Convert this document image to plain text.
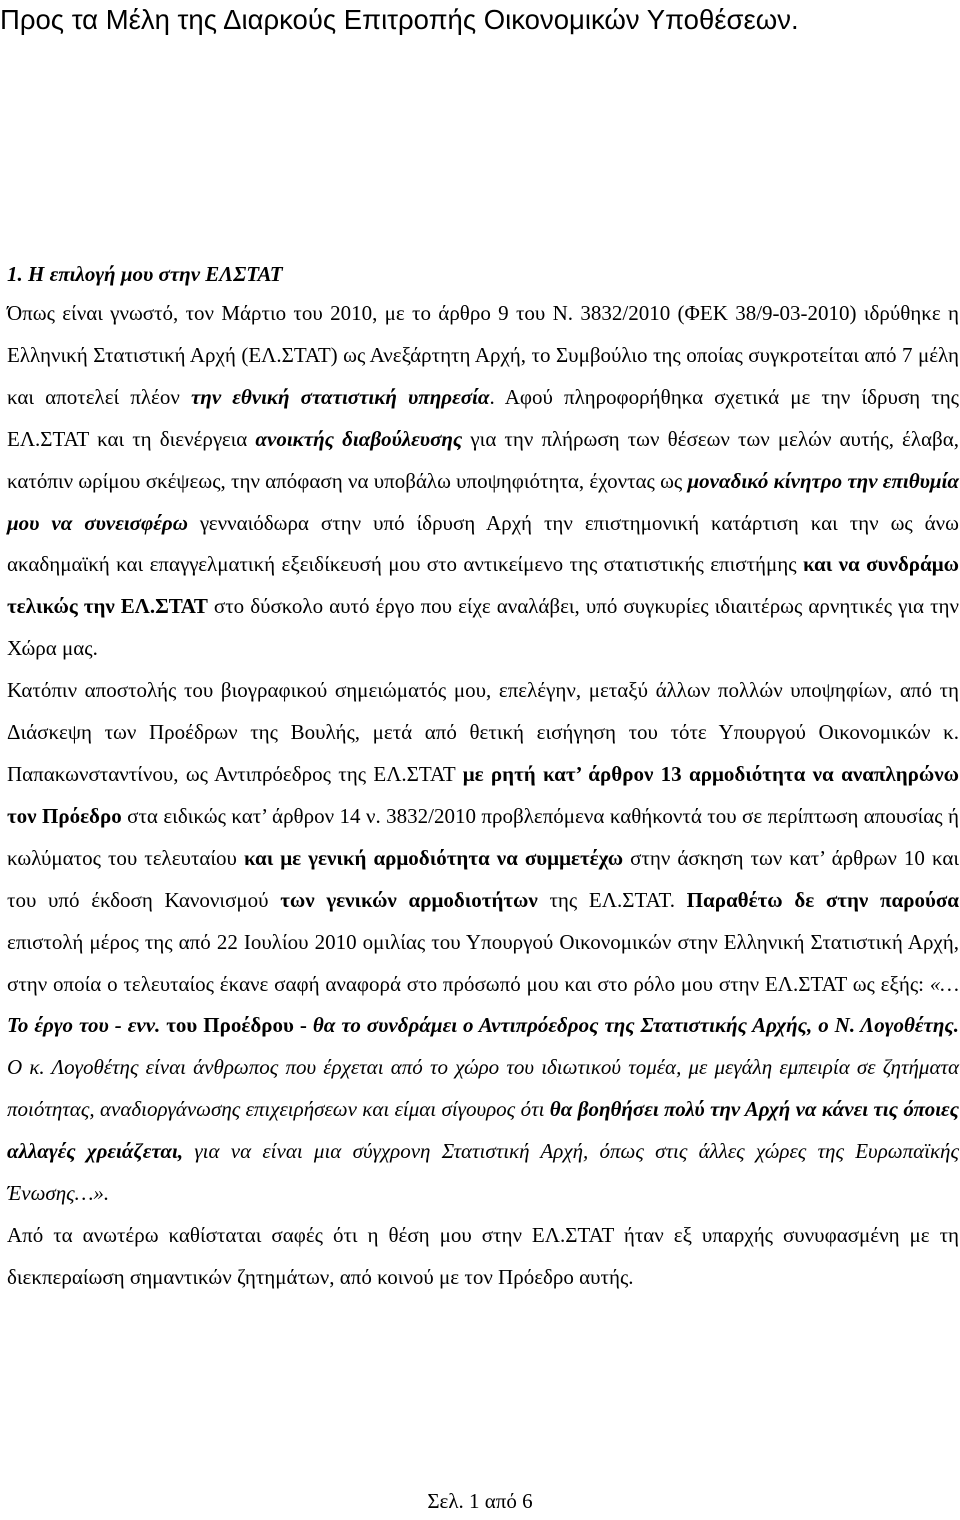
Προς τα Μέλη της Διαρκούς Επιτροπής Οικονομικών Υποθέσεων.
1. Η επιλογή μου στην ΕΛΣΤΑΤ

Όπως είναι γνωστό, τον Μάρτιο του 2010, με το άρθρο 9 του Ν. 3832/2010 (ΦΕΚ 38/9-03-2010) ιδρύθηκε η Ελληνική Στατιστική Αρχή (ΕΛ.ΣΤΑΤ) ως Ανεξάρτητη Αρχή, το Συμβούλιο της οποίας συγκροτείται από 7 μέλη και αποτελεί πλέον την εθνική στατιστική υπηρεσία. Αφού πληροφορήθηκα σχετικά με την ίδρυση της ΕΛ.ΣΤΑΤ και τη διενέργεια ανοικτής διαβούλευσης για την πλήρωση των θέσεων των μελών αυτής, έλαβα, κατόπιν ωρίμου σκέψεως, την απόφαση να υποβάλω υποψηφιότητα, έχοντας ως μοναδικό κίνητρο την επιθυμία μου να συνεισφέρω γενναιόδωρα στην υπό ίδρυση Αρχή την επιστημονική κατάρτιση και την ως άνω ακαδημαϊκή και επαγγελματική εξειδίκευσή μου στο αντικείμενο της στατιστικής επιστήμης και να συνδράμω τελικώς την ΕΛ.ΣΤΑΤ στο δύσκολο αυτό έργο που είχε αναλάβει, υπό συγκυρίες ιδιαιτέρως αρνητικές για την Χώρα μας.

Κατόπιν αποστολής του βιογραφικού σημειώματός μου, επελέγην, μεταξύ άλλων πολλών υποψηφίων, από τη Διάσκεψη των Προέδρων της Βουλής, μετά από θετική εισήγηση του τότε Υπουργού Οικονομικών κ. Παπακωνσταντίνου, ως Αντιπρόεδρος της ΕΛ.ΣΤΑΤ με ρητή κατ’ άρθρον 13 αρμοδιότητα να αναπληρώνω τον Πρόεδρο στα ειδικώς κατ’ άρθρον 14 ν. 3832/2010 προβλεπόμενα καθήκοντά του σε περίπτωση απουσίας ή κωλύματος του τελευταίου και με γενική αρμοδιότητα να συμμετέχω στην άσκηση των κατ’ άρθρων 10 και του υπό έκδοση Κανονισμού των γενικών αρμοδιοτήτων της ΕΛ.ΣΤΑΤ. Παραθέτω δε στην παρούσα επιστολή μέρος της από 22 Ιουλίου 2010 ομιλίας του Υπουργού Οικονομικών στην Ελληνική Στατιστική Αρχή, στην οποία ο τελευταίος έκανε σαφή αναφορά στο πρόσωπό μου και στο ρόλο μου στην ΕΛ.ΣΤΑΤ ως εξής: «…Το έργο του - ενν. του Προέδρου - θα το συνδράμει ο Αντιπρόεδρος της Στατιστικής Αρχής, ο Ν. Λογοθέτης. Ο κ. Λογοθέτης είναι άνθρωπος που έρχεται από το χώρο του ιδιωτικού τομέα, με μεγάλη εμπειρία σε ζητήματα ποιότητας, αναδιοργάνωσης επιχειρήσεων και είμαι σίγουρος ότι θα βοηθήσει πολύ την Αρχή να κάνει τις όποιες αλλαγές χρειάζεται, για να είναι μια σύγχρονη Στατιστική Αρχή, όπως στις άλλες χώρες της Ευρωπαϊκής Ένωσης…».

Από τα ανωτέρω καθίσταται σαφές ότι η θέση μου στην ΕΛ.ΣΤΑΤ ήταν εξ υπαρχής συνυφασμένη με τη διεκπεραίωση σημαντικών ζητημάτων, από κοινού με τον Πρόεδρο αυτής.

Σελ. 1 από 6
